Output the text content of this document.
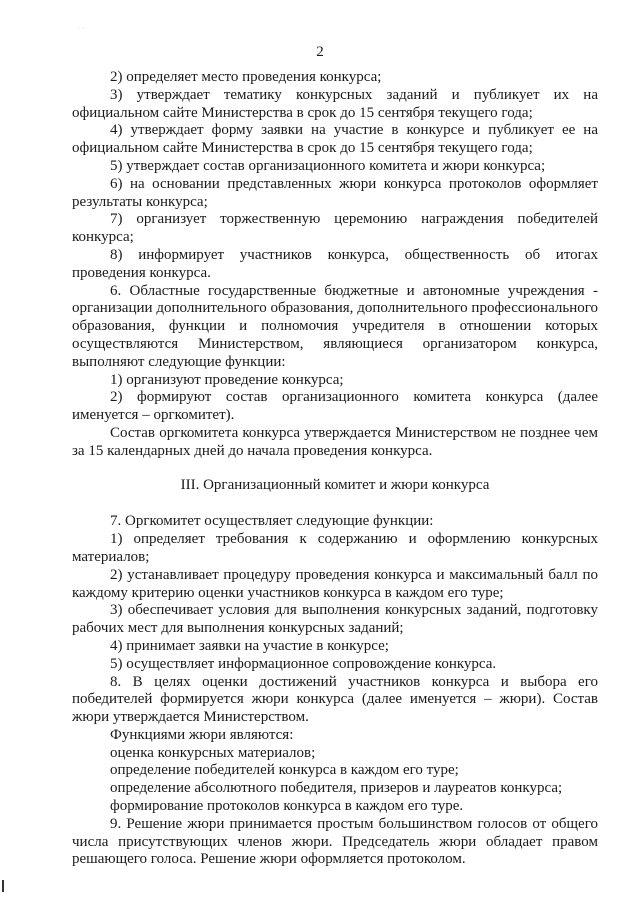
· ·
2

2) определяет место проведения конкурса;

3) утверждает тематику конкурсных заданий и публикует их на официальном сайте Министерства в срок до 15 сентября текущего года;

4) утверждает форму заявки на участие в конкурсе и публикует ее на официальном сайте Министерства в срок до 15 сентября текущего года;

5) утверждает состав организационного комитета и жюри конкурса;

6) на основании представленных жюри конкурса протоколов оформляет результаты конкурса;

7) организует торжественную церемонию награждения победителей конкурса;

8) информирует участников конкурса, общественность об итогах проведения конкурса.

6. Областные государственные бюджетные и автономные учреждения - организации дополнительного образования, дополнительного профессионального образования, функции и полномочия учредителя в отношении которых осуществляются Министерством, являющиеся организатором конкурса, выполняют следующие функции:

1) организуют проведение конкурса;

2) формируют состав организационного комитета конкурса (далее именуется – оргкомитет).

Состав оргкомитета конкурса утверждается Министерством не позднее чем за 15 календарных дней до начала проведения конкурса.

III. Организационный комитет и жюри конкурса

7. Оргкомитет осуществляет следующие функции:

1) определяет требования к содержанию и оформлению конкурсных материалов;

2) устанавливает процедуру проведения конкурса и максимальный балл по каждому критерию оценки участников конкурса в каждом его туре;

3) обеспечивает условия для выполнения конкурсных заданий, подготовку рабочих мест для выполнения конкурсных заданий;

4) принимает заявки на участие в конкурсе;

5) осуществляет информационное сопровождение конкурса.

8. В целях оценки достижений участников конкурса и выбора его победителей формируется жюри конкурса (далее именуется – жюри). Состав жюри утверждается Министерством.

Функциями жюри являются:

оценка конкурсных материалов;

определение победителей конкурса в каждом его туре;

определение абсолютного победителя, призеров и лауреатов конкурса;

формирование протоколов конкурса в каждом его туре.

9. Решение жюри принимается простым большинством голосов от общего числа присутствующих членов жюри. Председатель жюри обладает правом решающего голоса. Решение жюри оформляется протоколом.
